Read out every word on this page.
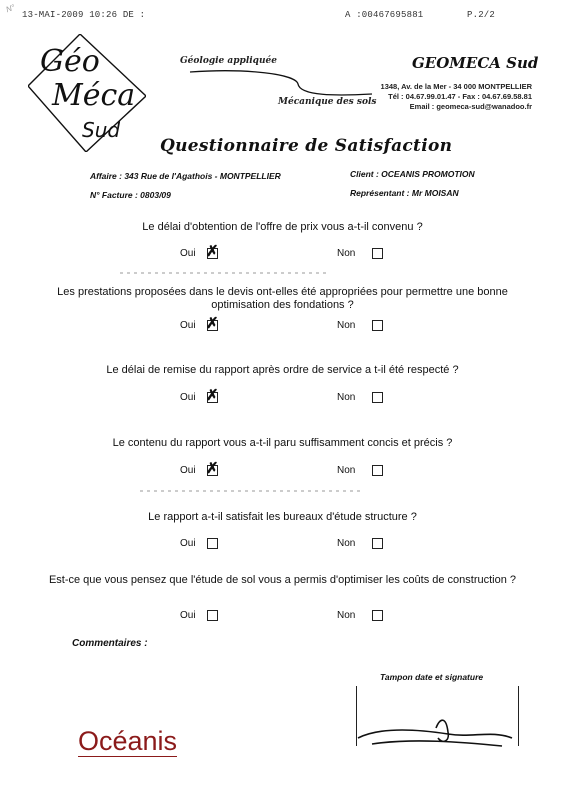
13-MAI-2009 10:26 DE :	A :00467695881	P.2/2
N°
Géo
Méca
Sud
Géologie appliquée
Mécanique des sols
GEOMECA Sud
1348, Av. de la Mer - 34 000 MONTPELLIER
Tél : 04.67.99.01.47 - Fax : 04.67.69.58.81
Email : geomeca-sud@wanadoo.fr
Questionnaire de Satisfaction
Affaire : 343 Rue de l'Agathois - MONTPELLIER
N° Facture : 0803/09
Client : OCEANIS PROMOTION
Représentant : Mr MOISAN
Le délai d'obtention de l'offre de prix vous a-t-il convenu ?
Oui ✗	Non
Les prestations proposées dans le devis ont-elles été appropriées pour permettre une bonne optimisation des fondations ?
Oui ✗	Non
Le délai de remise du rapport après ordre de service a t-il été respecté ?
Oui ✗	Non
Le contenu du rapport vous a-t-il paru suffisamment concis et précis ?
Oui ✗	Non
Le rapport a-t-il satisfait les bureaux d'étude structure ?
Oui	Non
Est-ce que vous pensez que l'étude de sol vous a permis d'optimiser les coûts de construction ?
Oui	Non
Commentaires :
Tampon date et signature
Océanis
